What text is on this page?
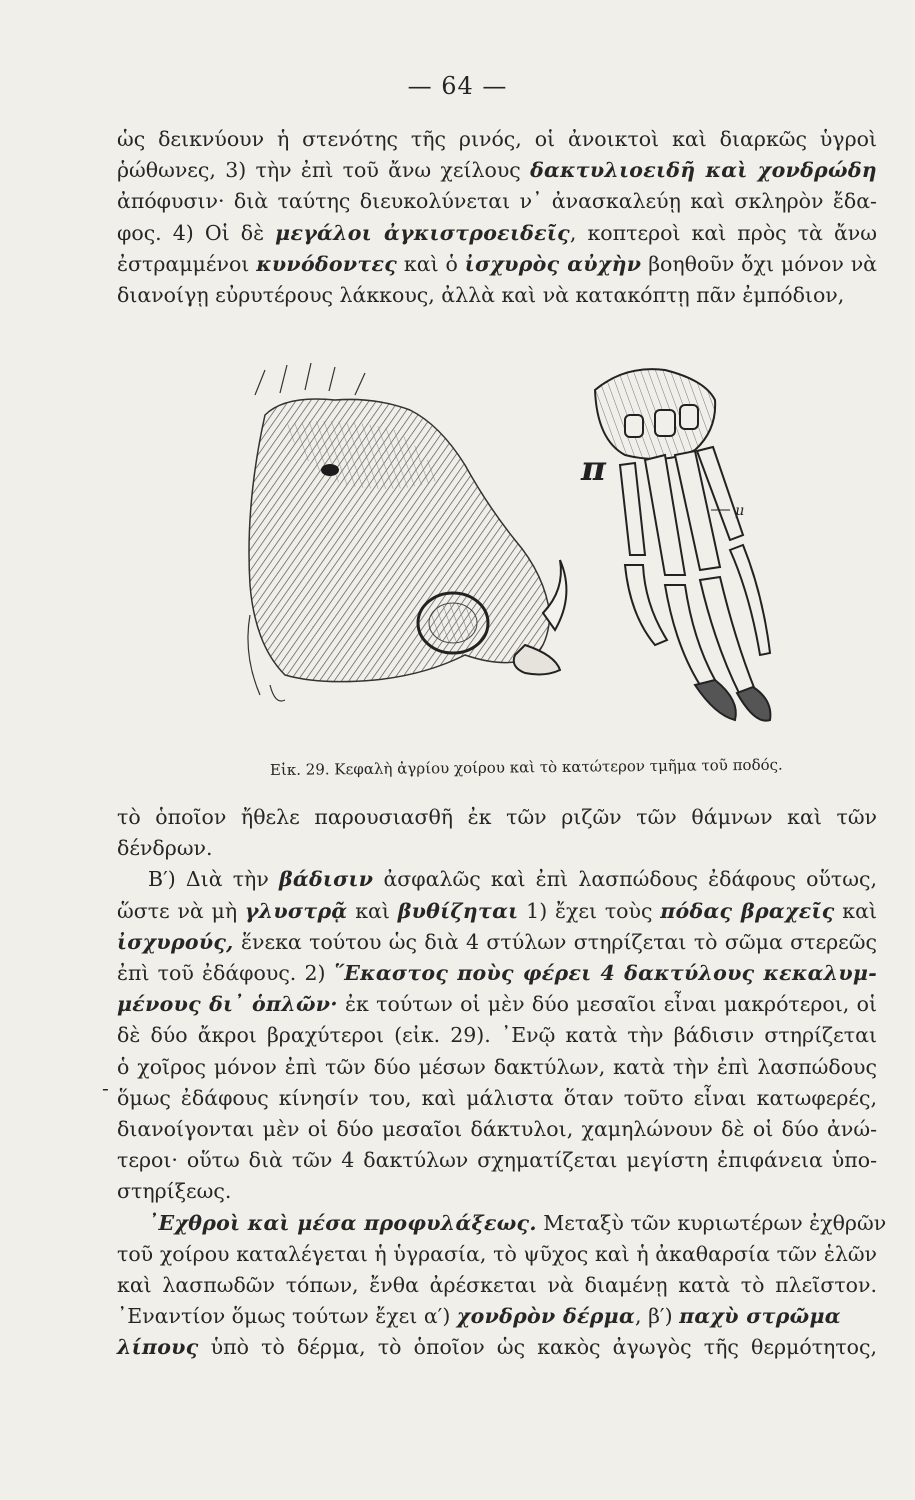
— 64 —
ὡς δεικνύουν ἡ στενότης τῆς ρινός, οἱ ἀνοικτοὶ καὶ διαρκῶς ὑγροὶ
ῥώθωνες, 3) τὴν ἐπὶ τοῦ ἄνω χείλους δακτυλιοειδῆ καὶ χονδρώδη
ἀπόφυσιν· διὰ ταύτης διευκολύνεται ν᾽ ἀνασκαλεύῃ καὶ σκληρὸν ἔδα-
φος. 4) Οἱ δὲ μεγάλοι ἀγκιστροειδεῖς, κοπτεροὶ καὶ πρὸς τὰ ἄνω
ἐστραμμένοι κυνόδοντες καὶ ὁ ἰσχυρὸς αὐχὴν βοηθοῦν ὄχι μόνον νὰ
διανοίγῃ εὐρυτέρους λάκκους, ἀλλὰ καὶ νὰ κατακόπτῃ πᾶν ἐμπόδιον,
π
μ
Εἰκ. 29. Κεφαλὴ ἀγρίου χοίρου καὶ τὸ κατώτερον τμῆμα τοῦ ποδός.
τὸ ὁποῖον ἤθελε παρουσιασθῆ ἐκ τῶν ριζῶν τῶν θάμνων καὶ τῶν
δένδρων.
Β′) Διὰ τὴν βάδισιν ἀσφαλῶς καὶ ἐπὶ λασπώδους ἐδάφους οὕτως,
ὥστε νὰ μὴ γλυστρᾷ καὶ βυθίζηται 1) ἔχει τοὺς πόδας βραχεῖς καὶ
ἰσχυρούς, ἕνεκα τούτου ὡς διὰ 4 στύλων στηρίζεται τὸ σῶμα στερεῶς
ἐπὶ τοῦ ἐδάφους. 2) ῞Εκαστος ποὺς φέρει 4 δακτύλους κεκαλυμ-
μένους δι᾽ ὁπλῶν· ἐκ τούτων οἱ μὲν δύο μεσαῖοι εἶναι μακρότεροι, οἱ
δὲ δύο ἄκροι βραχύτεροι (εἰκ. 29). ᾿Ενῷ κατὰ τὴν βάδισιν στηρίζεται
ὁ χοῖρος μόνον ἐπὶ τῶν δύο μέσων δακτύλων, κατὰ τὴν ἐπὶ λασπώδους
ὅμως ἐδάφους κίνησίν του, καὶ μάλιστα ὅταν τοῦτο εἶναι κατωφερές,
διανοίγονται μὲν οἱ δύο μεσαῖοι δάκτυλοι, χαμηλώνουν δὲ οἱ δύο ἀνώ-
τεροι· οὕτω διὰ τῶν 4 δακτύλων σχηματίζεται μεγίστη ἐπιφάνεια ὑπο-
στηρίξεως.
᾿Εχθροὶ καὶ μέσα προφυλάξεως. Μεταξὺ τῶν κυριωτέρων ἐχθρῶν
τοῦ χοίρου καταλέγεται ἡ ὑγρασία, τὸ ψῦχος καὶ ἡ ἀκαθαρσία τῶν ἑλῶν
καὶ λασπωδῶν τόπων, ἔνθα ἀρέσκεται νὰ διαμένῃ κατὰ τὸ πλεῖστον.
᾿Εναντίον ὅμως τούτων ἔχει α′) χονδρὸν δέρμα, β′) παχὺ στρῶμα
λίπους ὑπὸ τὸ δέρμα, τὸ ὁποῖον ὡς κακὸς ἀγωγὸς τῆς θερμότητος,
-
